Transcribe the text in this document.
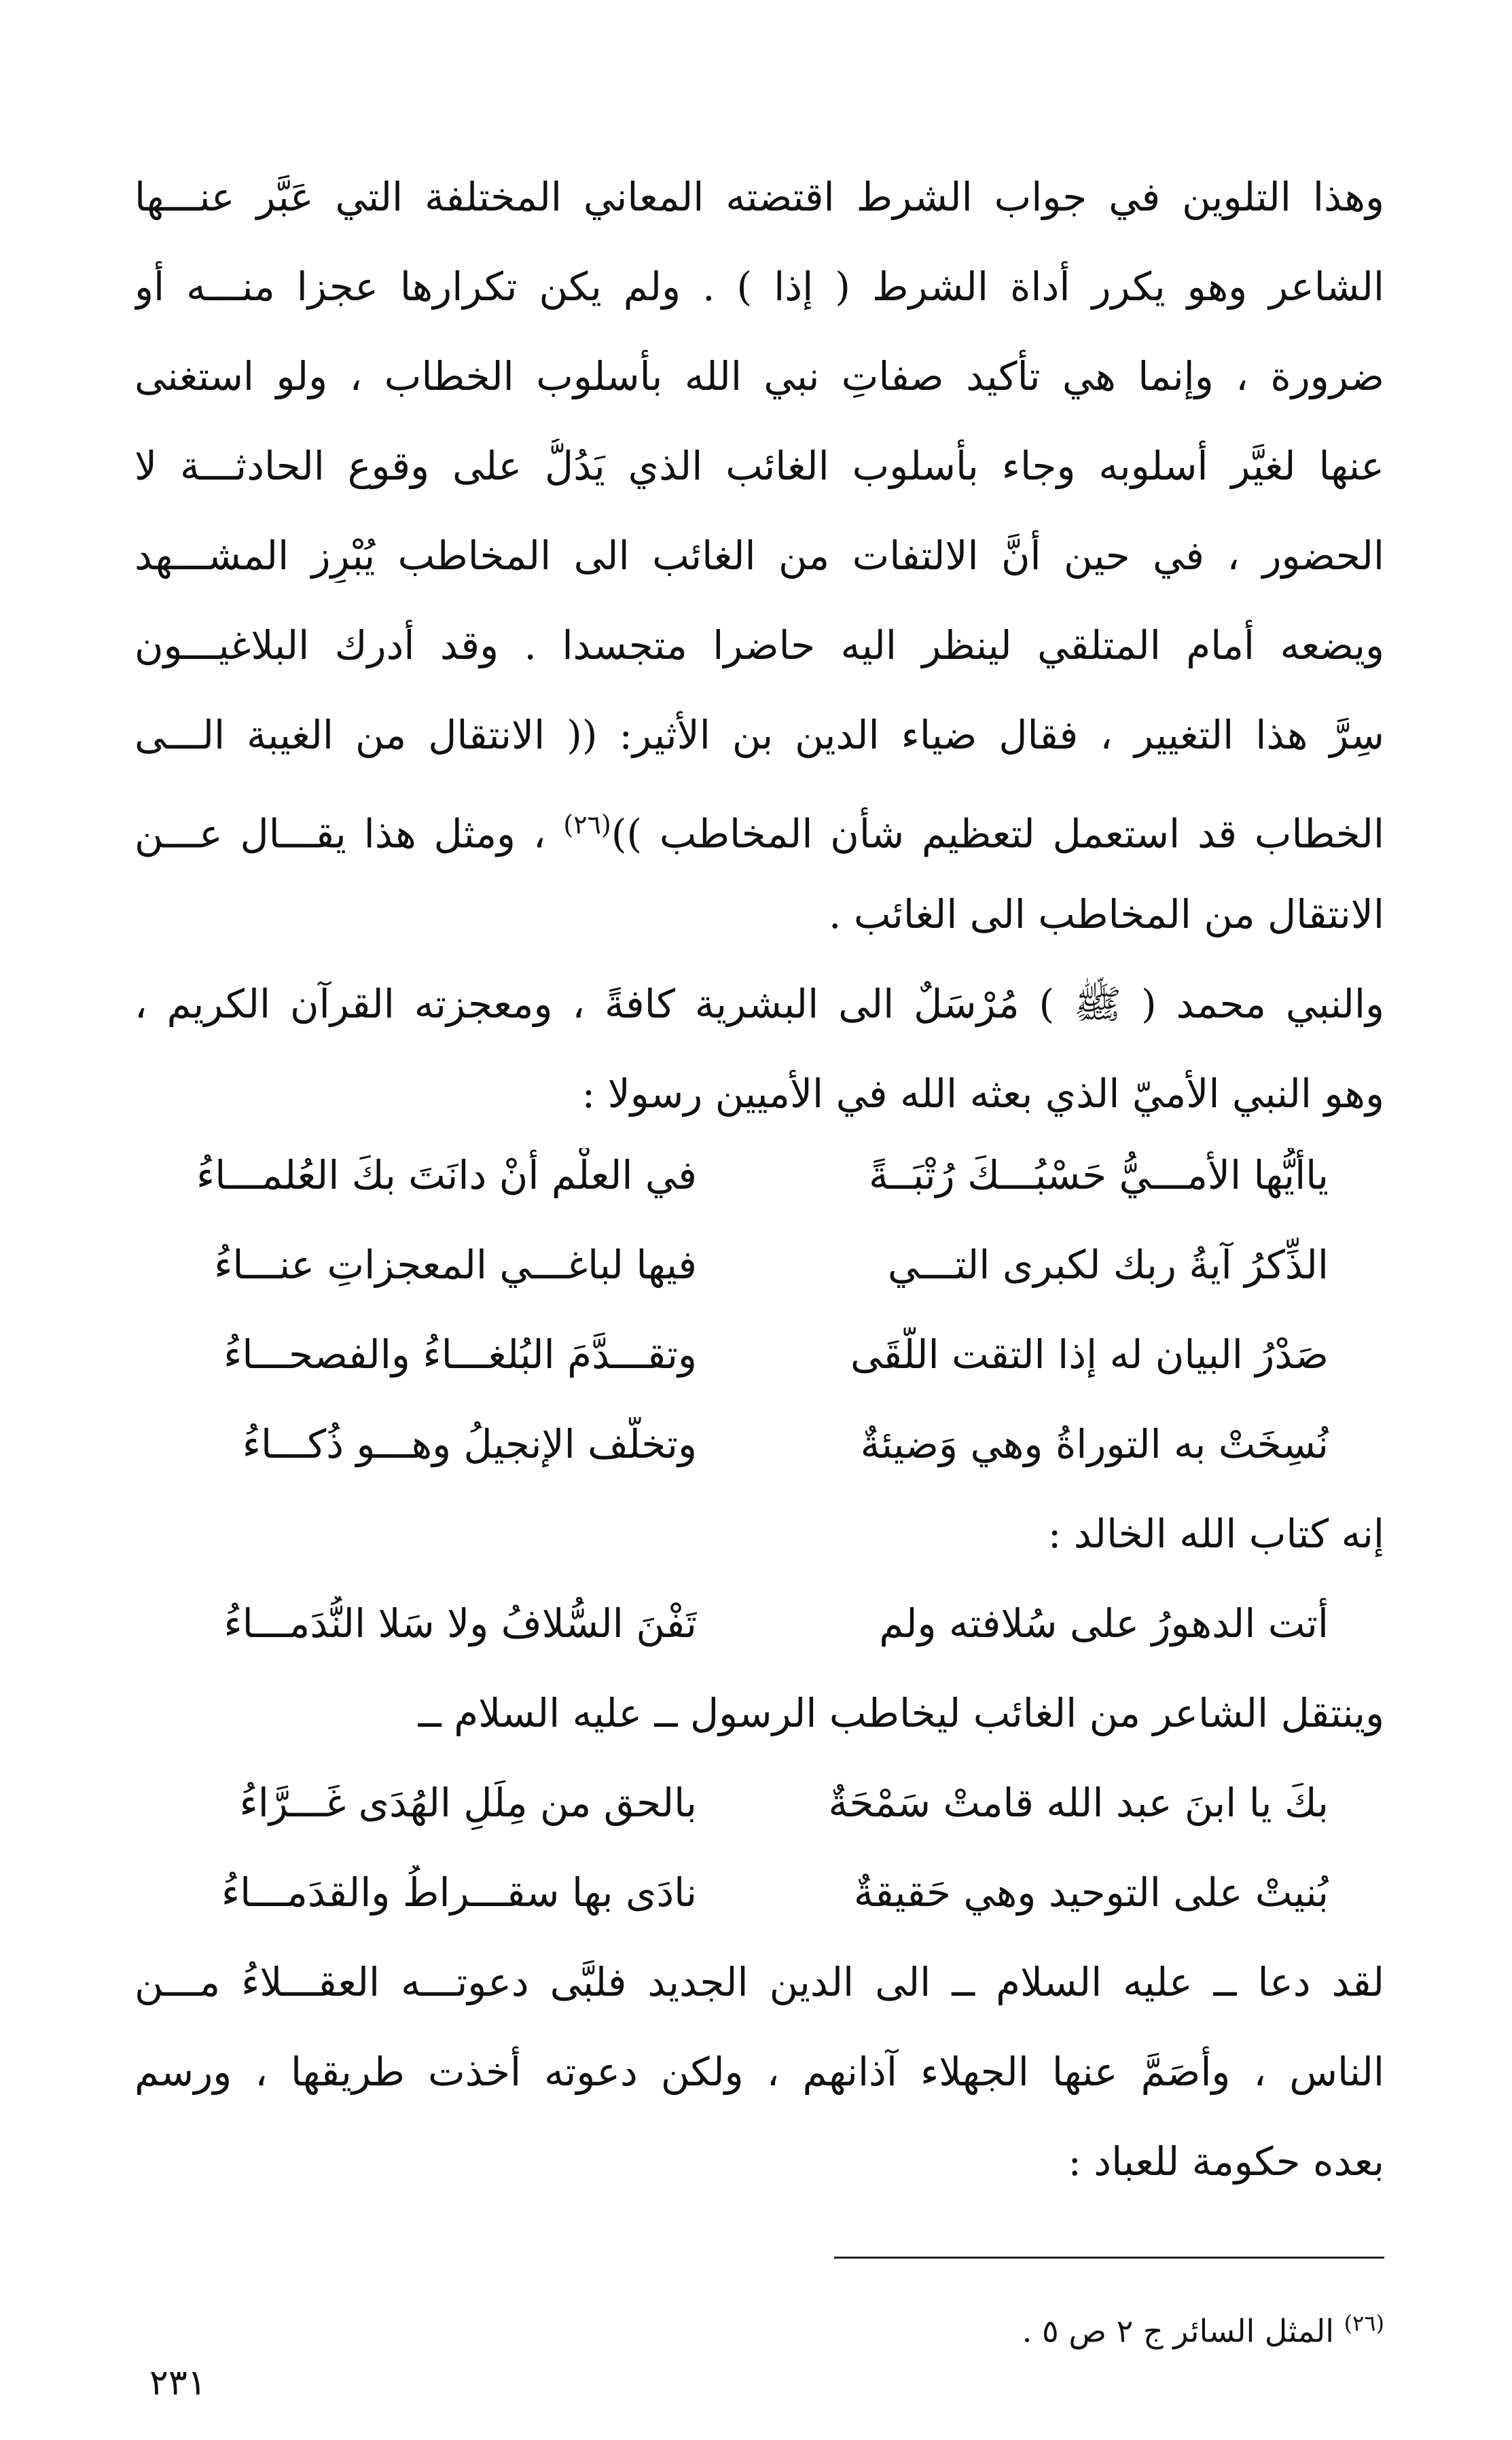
وهذا التلوين في جواب الشرط اقتضته المعاني المختلفة التي عَبَّر عنـــها
الشاعر وهو يكرر أداة الشرط ( إذا ) . ولم يكن تكرارها عجزا منـــه أو
ضرورة ، وإنما هي تأكيد صفاتِ نبي الله بأسلوب الخطاب ، ولو استغنى
عنها لغيَّر أسلوبه وجاء بأسلوب الغائب الذي يَدُلُّ على وقوع الحادثـــة لا
الحضور ، في حين أنَّ الالتفات من الغائب الى المخاطب يُبْرِز المشـــهد
ويضعه أمام المتلقي لينظر اليه حاضرا متجسدا . وقد أدرك البلاغيـــون
سِرَّ هذا التغيير ، فقال ضياء الدين بن الأثير: (( الانتقال من الغيبة الـــى
الخطاب قد استعمل لتعظيم شأن المخاطب ))$^{(٢٦)}$ ، ومثل هذا يقـــال عـــن
الانتقال من المخاطب الى الغائب .
والنبي محمد ( ﷺ ) مُرْسَلٌ الى البشرية كافةً ، ومعجزته القرآن الكريم ،
وهو النبي الأميّ الذي بعثه الله في الأميين رسولا :
ياأيُّها الأمـــيُّ حَسْبُـــكَ رُتْبَــةً
في العلْم أنْ دانَتَ بكَ العُلمـــاءُ
الذِّكرُ آيةُ ربك لكبرى التـــي
فيها لباغـــي المعجزاتِ عنـــاءُ
صَدْرُ البيان له إذا التقت اللُّقَى
وتقـــدَّمَ البُلغـــاءُ والفصحـــاءُ
نُسِخَتْ به التوراةُ وهي وَضيئةٌ
وتخلَّف الإنجيلُ وهـــو ذُكـــاءُ
إنه كتاب الله الخالد :
أتت الدهورُ على سُلافته ولم
تَفْنَ السُّلافُ ولا سَلا النُّدَمـــاءُ
وينتقل الشاعر من الغائب ليخاطب الرسول ــ عليه السلام ــ
بكَ يا ابنَ عبد الله قامتْ سَمْحَةٌ
بالحق من مِلَلِ الهُدَى غَـــرَّاءُ
بُنيتْ على التوحيد وهي حَقيقةٌ
نادَى بها سقـــراطُ والقدَمـــاءُ
لقد دعا ــ عليه السلام ــ الى الدين الجديد فلبَّى دعوتـــه العقـــلاءُ مـــن
الناس ، وأصَمَّ عنها الجهلاء آذانهم ، ولكن دعوته أخذت طريقها ، ورسم
بعده حكومة للعباد :
$^{(٢٦)}$ المثل السائر ج ٢ ص ٥ .
٢٣١
